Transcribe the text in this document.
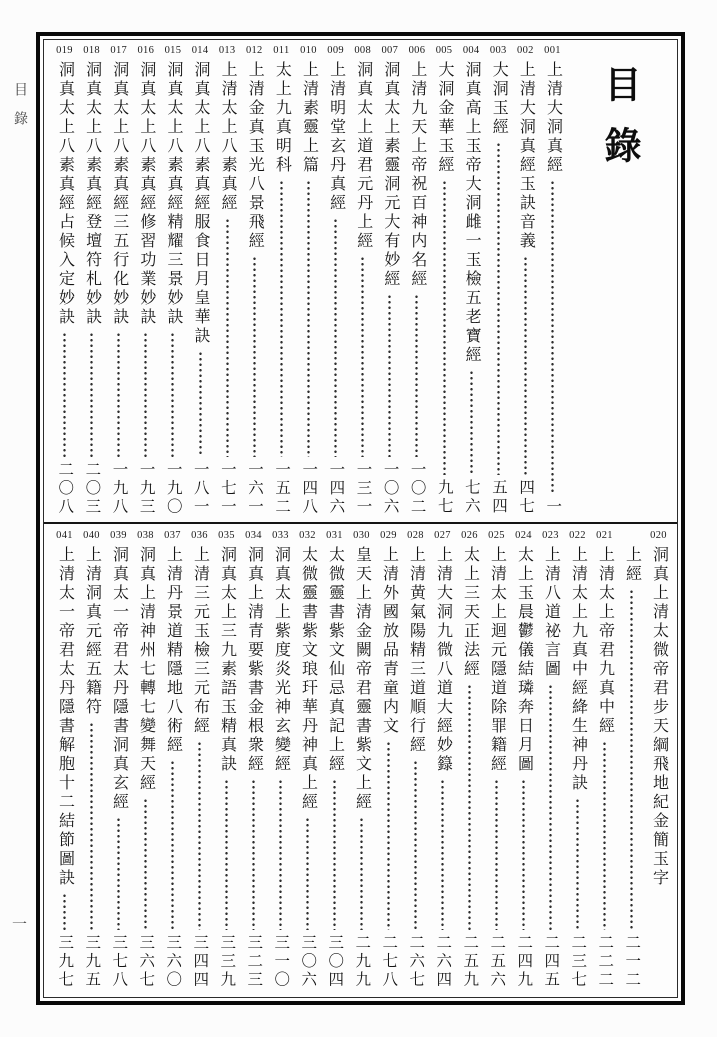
目錄
一
001
上清大洞真經
一
002
上清大洞真經玉訣音義
四七
003
大洞玉經
五四
004
洞真高上玉帝大洞雌一玉檢五老寶經
七六
005
大洞金華玉經
九七
006
上清九天上帝祝百神内名經
一〇二
007
洞真太上素靈洞元大有妙經
一〇六
008
洞真太上道君元丹上經
一三一
009
上清明堂玄丹真經
一四六
010
上清素靈上篇
一四八
011
太上九真明科
一五二
012
上清金真玉光八景飛經
一六一
013
上清太上八素真經
一七一
014
洞真太上八素真經服食日月皇華訣
一八一
015
洞真太上八素真經精耀三景妙訣
一九〇
016
洞真太上八素真經修習功業妙訣
一九三
017
洞真太上八素真經三五行化妙訣
一九八
018
洞真太上八素真經登壇符札妙訣
二〇三
019
洞真太上八素真經占候入定妙訣
二〇八
目錄
020
洞真上清太微帝君步天綱飛地紀金簡玉字
上經
二一二
021
上清太上帝君九真中經
二二二
022
上清太上九真中經絳生神丹訣
二三七
023
上清八道祕言圖
二四五
024
太上玉晨鬱儀結璘奔日月圖
二四九
025
上清太上迴元隱道除罪籍經
二五六
026
太上三天正法經
二五九
027
上清大洞九微八道大經妙籙
二六四
028
上清黄氣陽精三道順行經
二六七
029
上清外國放品青童内文
二七八
030
皇天上清金闕帝君靈書紫文上經
二九九
031
太微靈書紫文仙忌真記上經
三〇四
032
太微靈書紫文琅玕華丹神真上經
三〇六
033
洞真太上紫度炎光神玄變經
三一〇
034
洞真上清青要紫書金根衆經
三二三
035
洞真太上三九素語玉精真訣
三三九
036
上清三元玉檢三元布經
三四四
037
上清丹景道精隱地八術經
三六〇
038
洞真上清神州七轉七變舞天經
三六七
039
洞真太一帝君太丹隱書洞真玄經
三七八
040
上清洞真元經五籍符
三九五
041
上清太一帝君太丹隱書解胞十二結節圖訣
三九七
